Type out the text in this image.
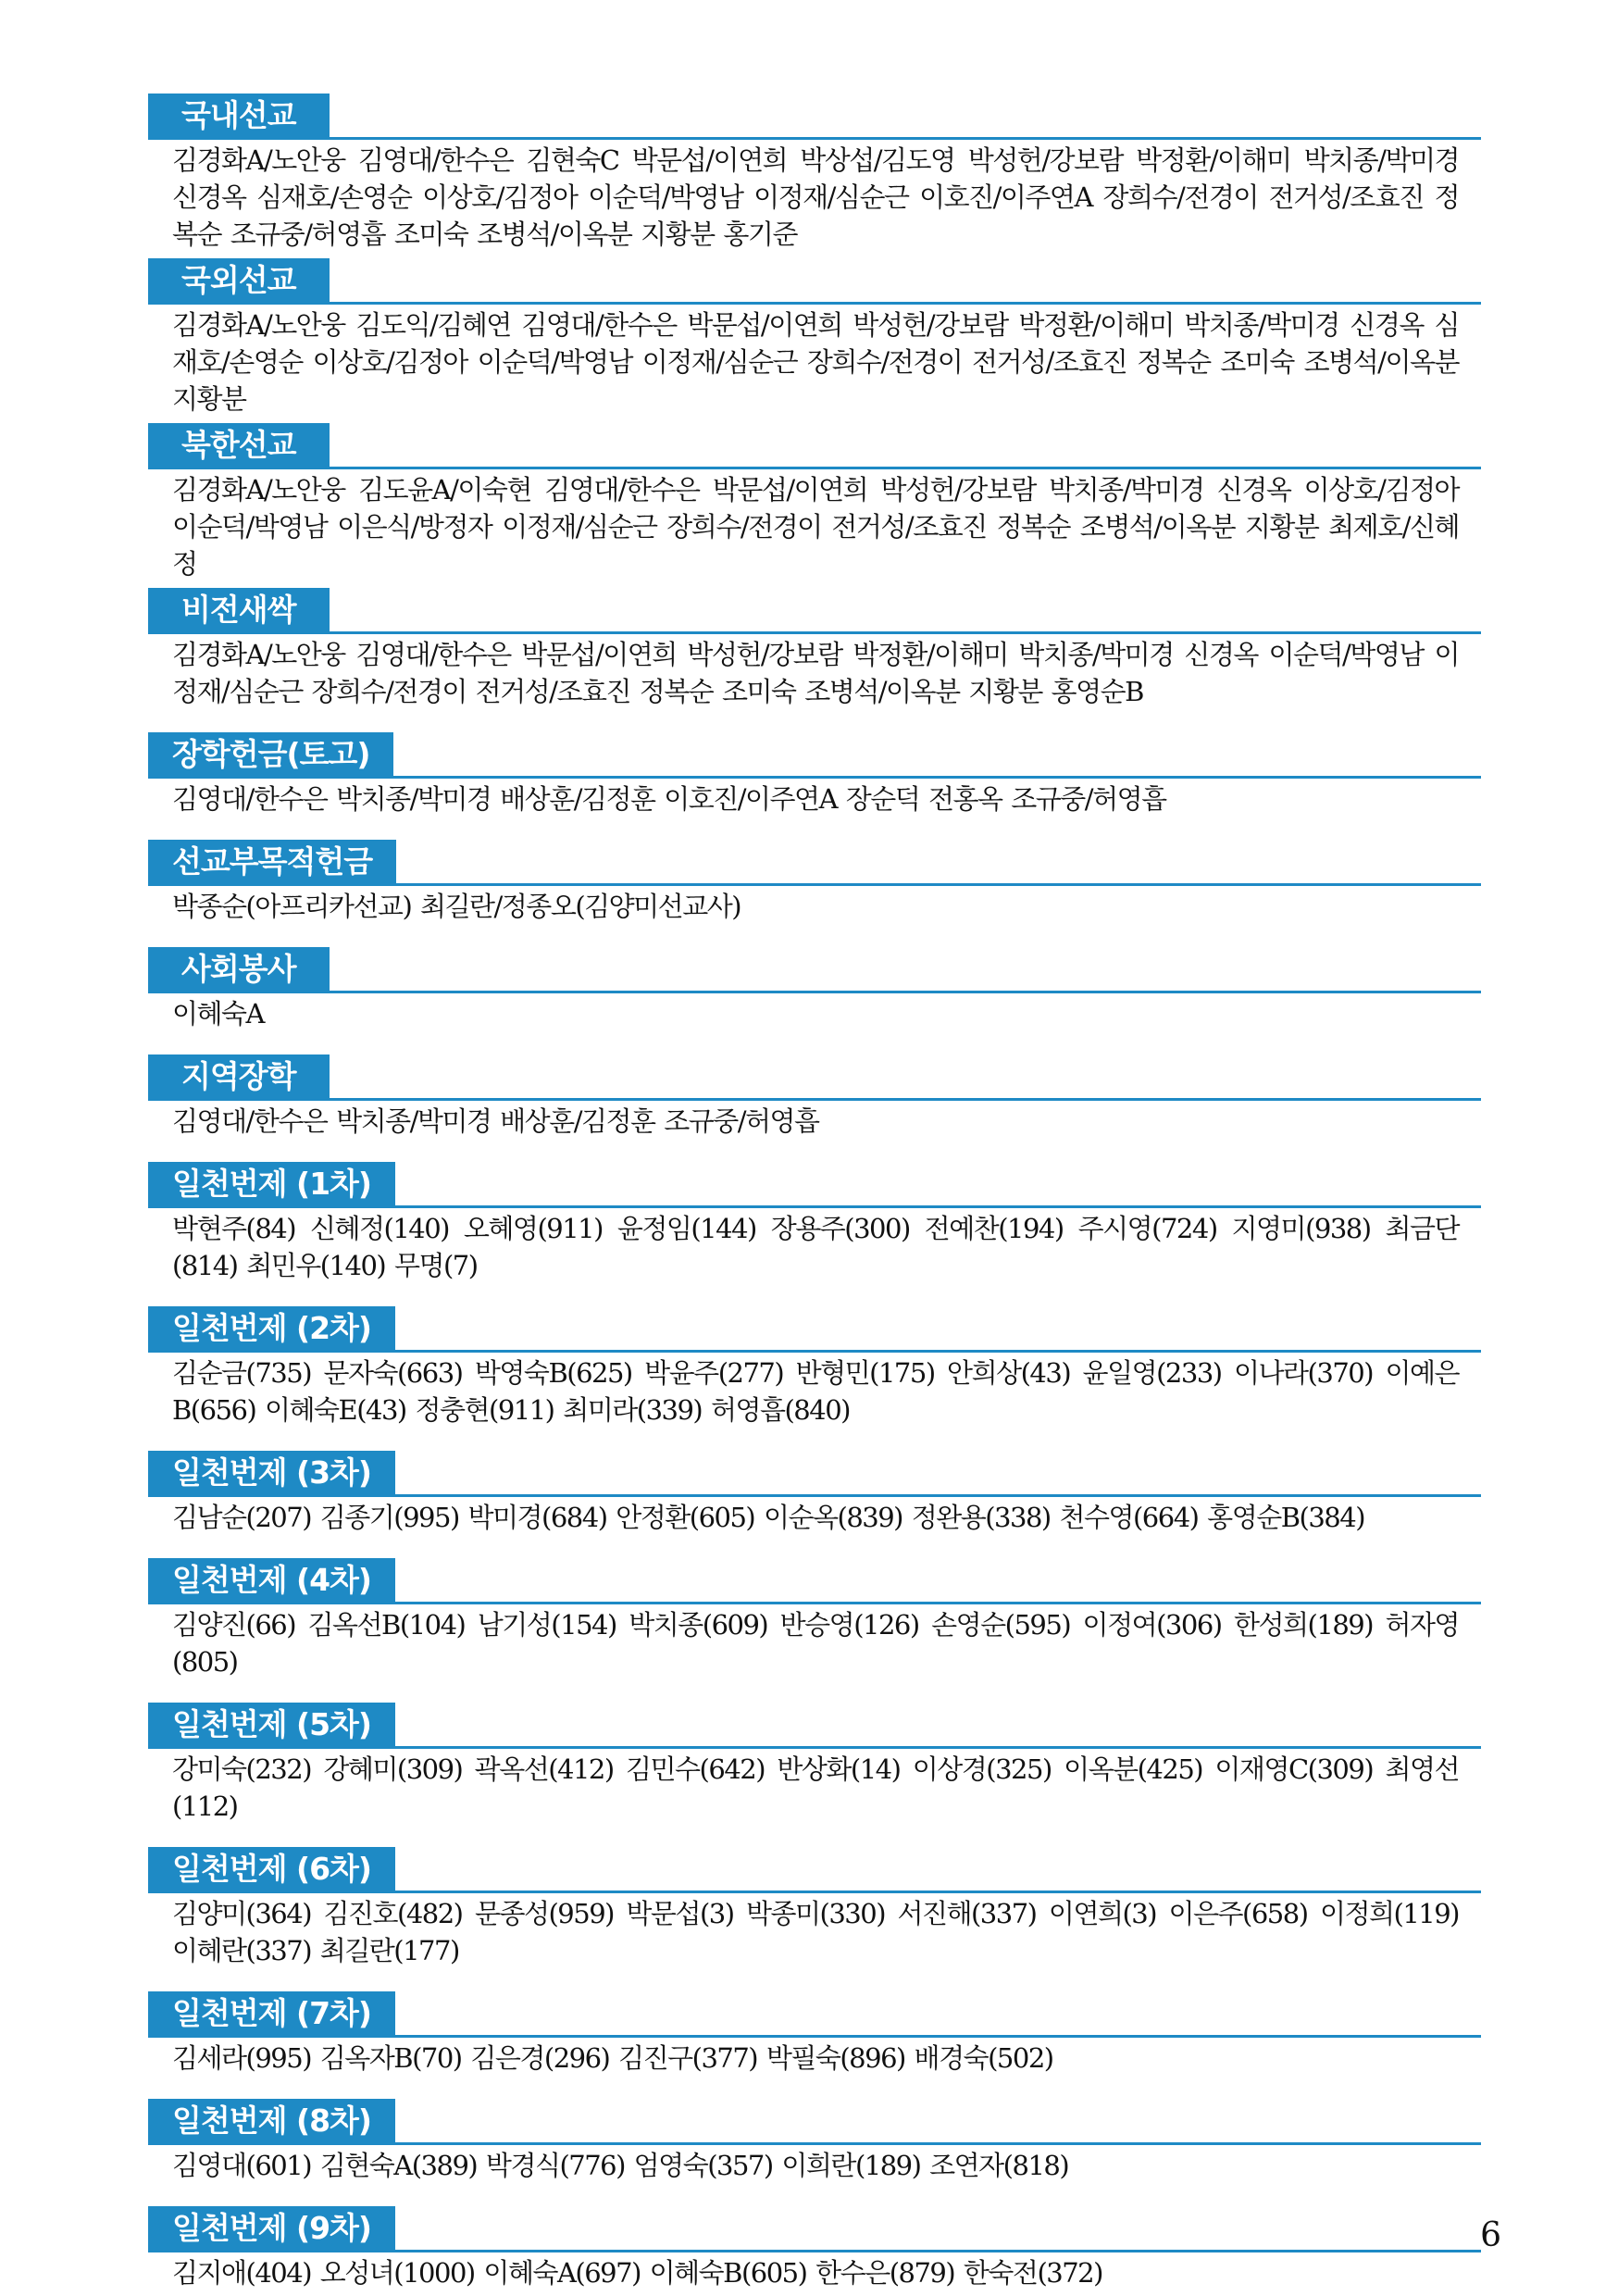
국내선교

김경화A/노안웅 김영대/한수은 김현숙C 박문섭/이연희 박상섭/김도영 박성헌/강보람 박정환/이해미 박치종/박미경 신경옥 심재호/손영순 이상호/김정아 이순덕/박영남 이정재/심순근 이호진/이주연A 장희수/전경이 전거성/조효진 정복순 조규중/허영흡 조미숙 조병석/이옥분 지황분 홍기준

국외선교

김경화A/노안웅 김도익/김혜연 김영대/한수은 박문섭/이연희 박성헌/강보람 박정환/이해미 박치종/박미경 신경옥 심재호/손영순 이상호/김정아 이순덕/박영남 이정재/심순근 장희수/전경이 전거성/조효진 정복순 조미숙 조병석/이옥분 지황분

북한선교

김경화A/노안웅 김도윤A/이숙현 김영대/한수은 박문섭/이연희 박성헌/강보람 박치종/박미경 신경옥 이상호/김정아 이순덕/박영남 이은식/방정자 이정재/심순근 장희수/전경이 전거성/조효진 정복순 조병석/이옥분 지황분 최제호/신혜정

비전새싹

김경화A/노안웅 김영대/한수은 박문섭/이연희 박성헌/강보람 박정환/이해미 박치종/박미경 신경옥 이순덕/박영남 이정재/심순근 장희수/전경이 전거성/조효진 정복순 조미숙 조병석/이옥분 지황분 홍영순B

장학헌금(토고)

김영대/한수은 박치종/박미경 배상훈/김정훈 이호진/이주연A 장순덕 전홍옥 조규중/허영흡

선교부목적헌금

박종순(아프리카선교) 최길란/정종오(김양미선교사)

사회봉사

이혜숙A

지역장학

김영대/한수은 박치종/박미경 배상훈/김정훈 조규중/허영흡

일천번제 (1차)

박현주(84) 신혜정(140) 오혜영(911) 윤정임(144) 장용주(300) 전예찬(194) 주시영(724) 지영미(938) 최금단(814) 최민우(140) 무명(7)

일천번제 (2차)

김순금(735) 문자숙(663) 박영숙B(625) 박윤주(277) 반형민(175) 안희상(43) 윤일영(233) 이나라(370) 이예은B(656) 이혜숙E(43) 정충현(911) 최미라(339) 허영흡(840)

일천번제 (3차)

김남순(207) 김종기(995) 박미경(684) 안정환(605) 이순옥(839) 정완용(338) 천수영(664) 홍영순B(384)

일천번제 (4차)

김양진(66) 김옥선B(104) 남기성(154) 박치종(609) 반승영(126) 손영순(595) 이정여(306) 한성희(189) 허자영(805)

일천번제 (5차)

강미숙(232) 강혜미(309) 곽옥선(412) 김민수(642) 반상화(14) 이상경(325) 이옥분(425) 이재영C(309) 최영선(112)

일천번제 (6차)

김양미(364) 김진호(482) 문종성(959) 박문섭(3) 박종미(330) 서진해(337) 이연희(3) 이은주(658) 이정희(119) 이혜란(337) 최길란(177)

일천번제 (7차)

김세라(995) 김옥자B(70) 김은경(296) 김진구(377) 박필숙(896) 배경숙(502)

일천번제 (8차)

김영대(601) 김현숙A(389) 박경식(776) 엄영숙(357) 이희란(189) 조연자(818)

일천번제 (9차)

김지애(404) 오성녀(1000) 이혜숙A(697) 이혜숙B(605) 한수은(879) 한숙전(372)

6
